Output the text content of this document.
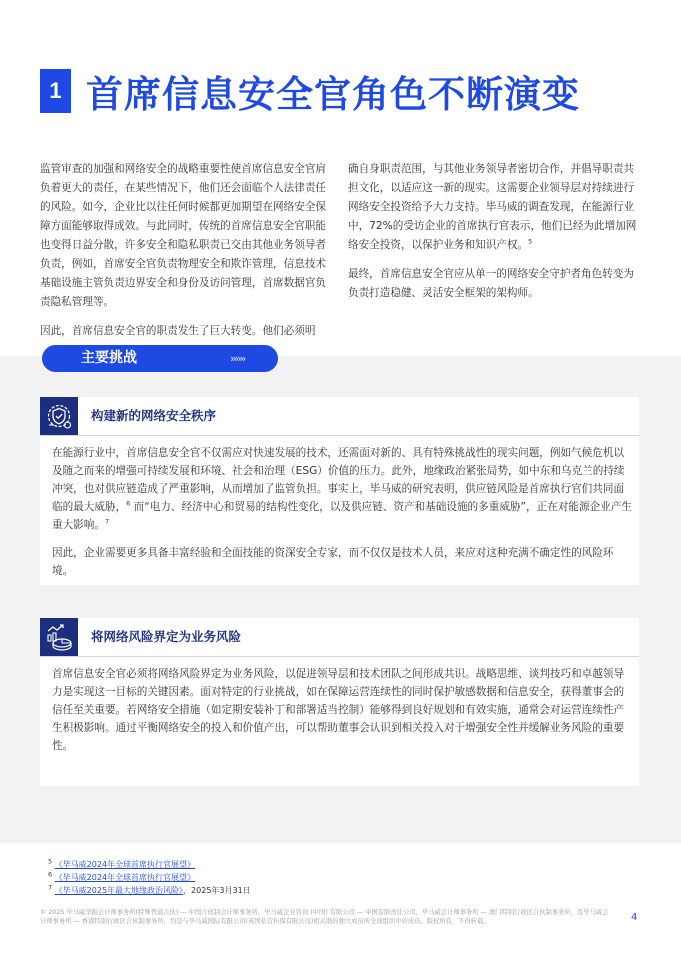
1 首席信息安全官角色不断演变

监管审查的加强和网络安全的战略重要性使首席信息安全官肩负着更大的责任，在某些情况下，他们还会面临个人法律责任的风险。如今，企业比以往任何时候都更加期望在网络安全保障方面能够取得成效。与此同时，传统的首席信息安全官职能也变得日益分散，许多安全和隐私职责已交由其他业务领导者负责，例如，首席安全官负责物理安全和欺诈管理，信息技术基础设施主管负责边界安全和身份及访问管理，首席数据官负责隐私管理等。

因此，首席信息安全官的职责发生了巨大转变。他们必须明

确自身职责范围，与其他业务领导者密切合作，并倡导职责共担文化，以适应这一新的现实。这需要企业领导层对持续进行网络安全投资给予大力支持。毕马威的调查发现，在能源行业中，72%的受访企业的首席执行官表示，他们已经为此增加网络安全投资，以保护业务和知识产权。$^5$

最终，首席信息安全官应从单一的网络安全守护者角色转变为负责打造稳健、灵活安全框架的架构师。

主要挑战	››››››
构建新的网络安全秩序

在能源行业中，首席信息安全官不仅需应对快速发展的技术，还需面对新的、具有特殊挑战性的现实问题，例如气候危机以及随之而来的增强可持续发展和环境、社会和治理（ESG）价值的压力。此外，地缘政治紧张局势，如中东和乌克兰的持续冲突，也对供应链造成了严重影响，从而增加了监管负担。事实上，毕马威的研究表明，供应链风险是首席执行官们共同面临的最大威胁，$^6$ 而“电力、经济中心和贸易的结构性变化，以及供应链、资产和基础设施的多重威胁”，正在对能源企业产生重大影响。$^7$

因此，企业需要更多具备丰富经验和全面技能的资深安全专家，而不仅仅是技术人员，来应对这种充满不确定性的风险环境。

将网络风险界定为业务风险

首席信息安全官必须将网络风险界定为业务风险，以促进领导层和技术团队之间形成共识。战略思维、谈判技巧和卓越领导力是实现这一目标的关键因素。面对特定的行业挑战，如在保障运营连续性的同时保护敏感数据和信息安全，获得董事会的信任至关重要。若网络安全措施（如定期安装补丁和部署适当控制）能够得到良好规划和有效实施，通常会对运营连续性产生积极影响。通过平衡网络安全的投入和价值产出，可以帮助董事会认识到相关投入对于增强安全性并缓解业务风险的重要性。

$^5$ 《毕马威2024年全球首席执行官展望》
$^6$ 《毕马威2024年全球首席执行官展望》
$^7$ 《毕马威2025年最大地缘政治风险》，2025年3月31日
© 2025 毕马威华振会计师事务所(特殊普通合伙) — 中国合伙制会计师事务所，毕马威企业咨询 (中国) 有限公司 — 中国有限责任公司，毕马威会计师事务所 — 澳门特别行政区合伙制事务所，及毕马威会计师事务所 — 香港特别行政区合伙制事务所，均是与毕马威国际有限公司(英国私营担保有限公司)相关联的独立成员所全球组织中的成员。版权所有，不得转载。	4
